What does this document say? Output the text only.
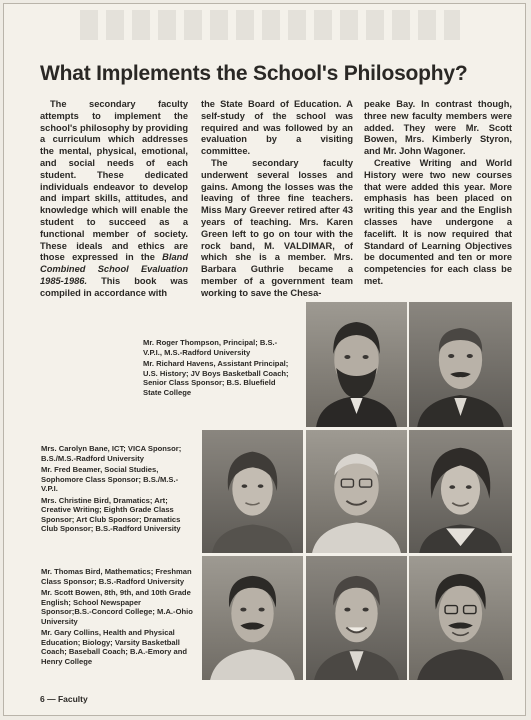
What Implements the School's Philosophy?

The secondary faculty attempts to implement the school's philosophy by providing a curriculum which addresses the mental, physical, emotional, and social needs of each student. These dedicated individuals endeavor to develop and impart skills, attitudes, and knowledge which will enable the student to succeed as a functional member of society. These ideals and ethics are those expressed in the Bland Combined School Evaluation 1985-1986. This book was compiled in accordance with

the State Board of Education. A self-study of the school was required and was followed by an evaluation by a visiting committee.

The secondary faculty underwent several losses and gains. Among the losses was the leaving of three fine teachers. Miss Mary Greever retired after 43 years of teaching. Mrs. Karen Green left to go on tour with the rock band, M. VALDIMAR, of which she is a member. Mrs. Barbara Guthrie became a member of a government team working to save the Chesa-

peake Bay. In contrast though, three new faculty members were added. They were Mr. Scott Bowen, Mrs. Kimberly Styron, and Mr. John Wagoner.

Creative Writing and World History were two new courses that were added this year. More emphasis has been placed on writing this year and the English classes have undergone a facelift. It is now required that Standard of Learning Objectives be documented and ten or more competencies for each class be met.

Mr. Roger Thompson, Principal; B.S.-V.P.I., M.S.-Radford University

Mr. Richard Havens, Assistant Principal; U.S. History; JV Boys Basketball Coach; Senior Class Sponsor; B.S. Bluefield State College

Mrs. Carolyn Bane, ICT; VICA Sponsor; B.S./M.S.-Radford University

Mr. Fred Beamer, Social Studies, Sophomore Class Sponsor; B.S./M.S.-V.P.I.

Mrs. Christine Bird, Dramatics; Art; Creative Writing; Eighth Grade Class Sponsor; Art Club Sponsor; Dramatics Club Sponsor; B.S.-Radford University

Mr. Thomas Bird, Mathematics; Freshman Class Sponsor; B.S.-Radford University

Mr. Scott Bowen, 8th, 9th, and 10th Grade English; School Newspaper Sponsor;B.S.-Concord College; M.A.-Ohio University

Mr. Gary Collins, Health and Physical Education; Biology; Varsity Basketball Coach; Baseball Coach; B.A.-Emory and Henry College

6 — Faculty
